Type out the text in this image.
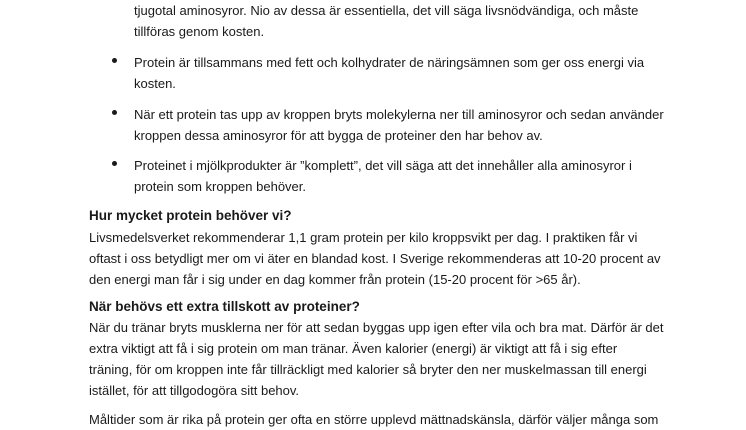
tjugotal aminosyror. Nio av dessa är essentiella, det vill säga livsnödvändiga, och måste
tillföras genom kosten.
Protein är tillsammans med fett och kolhydrater de näringsämnen som ger oss energi via
kosten.
När ett protein tas upp av kroppen bryts molekylerna ner till aminosyror och sedan använder
kroppen dessa aminosyror för att bygga de proteiner den har behov av.
Proteinet i mjölkprodukter är ”komplett”, det vill säga att det innehåller alla aminosyror i
protein som kroppen behöver.
Hur mycket protein behöver vi?
Livsmedelsverket rekommenderar 1,1 gram protein per kilo kroppsvikt per dag. I praktiken får vi
oftast i oss betydligt mer om vi äter en blandad kost. I Sverige rekommenderas att 10-20 procent av
den energi man får i sig under en dag kommer från protein (15-20 procent för >65 år).
När behövs ett extra tillskott av proteiner?
När du tränar bryts musklerna ner för att sedan byggas upp igen efter vila och bra mat. Därför är det
extra viktigt att få i sig protein om man tränar. Även kalorier (energi) är viktigt att få i sig efter
träning, för om kroppen inte får tillräckligt med kalorier så bryter den ner muskelmassan till energi
istället, för att tillgodogöra sitt behov.
Måltider som är rika på protein ger ofta en större upplevd mättnadskänsla, därför väljer många som
